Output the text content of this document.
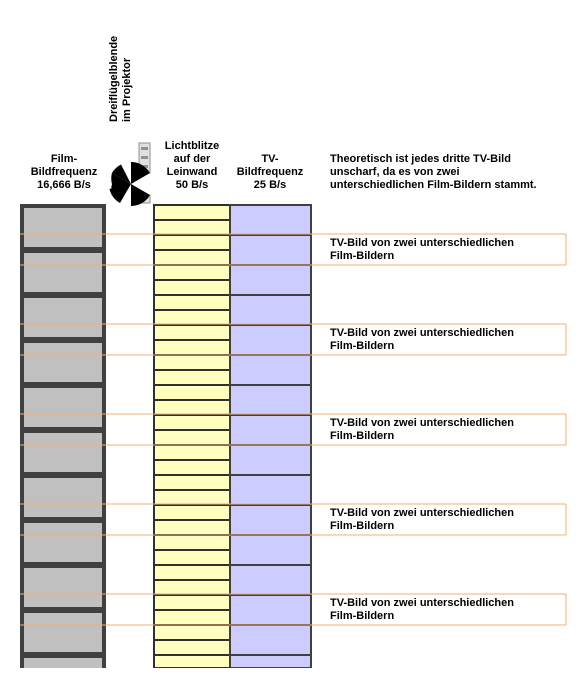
Dreiflügelblende im Projektor
Film-
Bildfrequenz
16,666 B/s
Lichtblitze
auf der
Leinwand
50 B/s
TV-
Bildfrequenz
25 B/s
Theoretisch ist jedes dritte TV-Bild
unscharf, da es von zwei
unterschiedlichen Film-Bildern stammt.
TV-Bild von zwei unterschiedlichen
Film-Bildern
TV-Bild von zwei unterschiedlichen
Film-Bildern
TV-Bild von zwei unterschiedlichen
Film-Bildern
TV-Bild von zwei unterschiedlichen
Film-Bildern
TV-Bild von zwei unterschiedlichen
Film-Bildern
